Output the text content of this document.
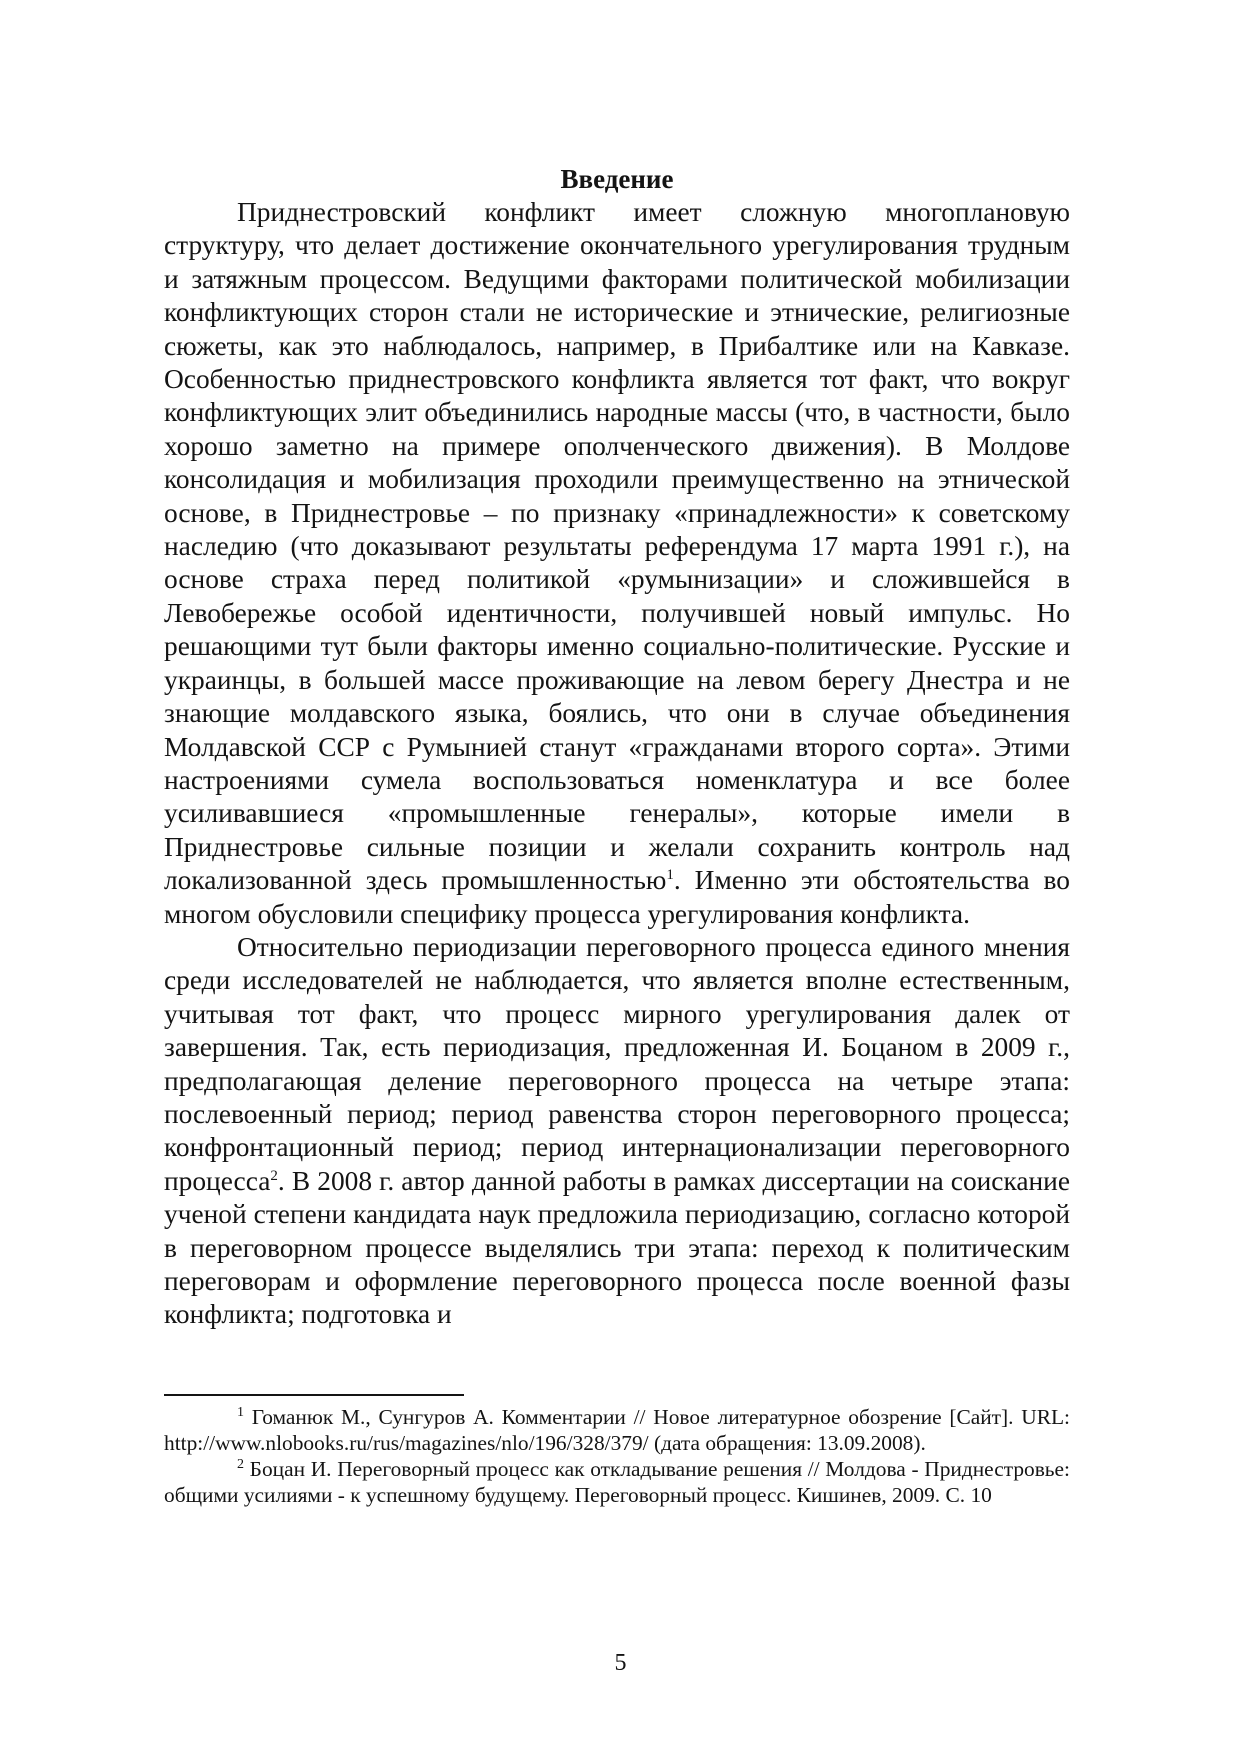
Введение

Приднестровский конфликт имеет сложную многоплановую структуру, что делает достижение окончательного урегулирования трудным и затяжным процессом. Ведущими факторами политической мобилизации конфликтующих сторон стали не исторические и этнические, религиозные сюжеты, как это наблюдалось, например, в Прибалтике или на Кавказе. Особенностью приднестровского конфликта является тот факт, что вокруг конфликтующих элит объединились народные массы (что, в частности, было хорошо заметно на примере ополченческого движения). В Молдове консолидация и мобилизация проходили преимущественно на этнической основе, в Приднестровье – по признаку «принадлежности» к советскому наследию (что доказывают результаты референдума 17 марта 1991 г.), на основе страха перед политикой «румынизации» и сложившейся в Левобережье особой идентичности, получившей новый импульс. Но решающими тут были факторы именно социально-политические. Русские и украинцы, в большей массе проживающие на левом берегу Днестра и не знающие молдавского языка, боялись, что они в случае объединения Молдавской ССР с Румынией станут «гражданами второго сорта». Этими настроениями сумела воспользоваться номенклатура и все более усиливавшиеся «промышленные генералы», которые имели в Приднестровье сильные позиции и желали сохранить контроль над локализованной здесь промышленностью$^1$. Именно эти обстоятельства во многом обусловили специфику процесса урегулирования конфликта.

Относительно периодизации переговорного процесса единого мнения среди исследователей не наблюдается, что является вполне естественным, учитывая тот факт, что процесс мирного урегулирования далек от завершения. Так, есть периодизация, предложенная И. Боцаном в 2009 г., предполагающая деление переговорного процесса на четыре этапа: послевоенный период; период равенства сторон переговорного процесса; конфронтационный период; период интернационализации переговорного процесса$^2$. В 2008 г. автор данной работы в рамках диссертации на соискание ученой степени кандидата наук предложила периодизацию, согласно которой в переговорном процессе выделялись три этапа: переход к политическим переговорам и оформление переговорного процесса после военной фазы конфликта; подготовка и

$^1$ Гоманюк М., Сунгуров А. Комментарии // Новое литературное обозрение [Сайт]. URL: http://www.nlobooks.ru/rus/magazines/nlo/196/328/379/ (дата обращения: 13.09.2008).

$^2$ Боцан И. Переговорный процесс как откладывание решения // Молдова - Приднестровье: общими усилиями - к успешному будущему. Переговорный процесс. Кишинев, 2009. С. 10

5
